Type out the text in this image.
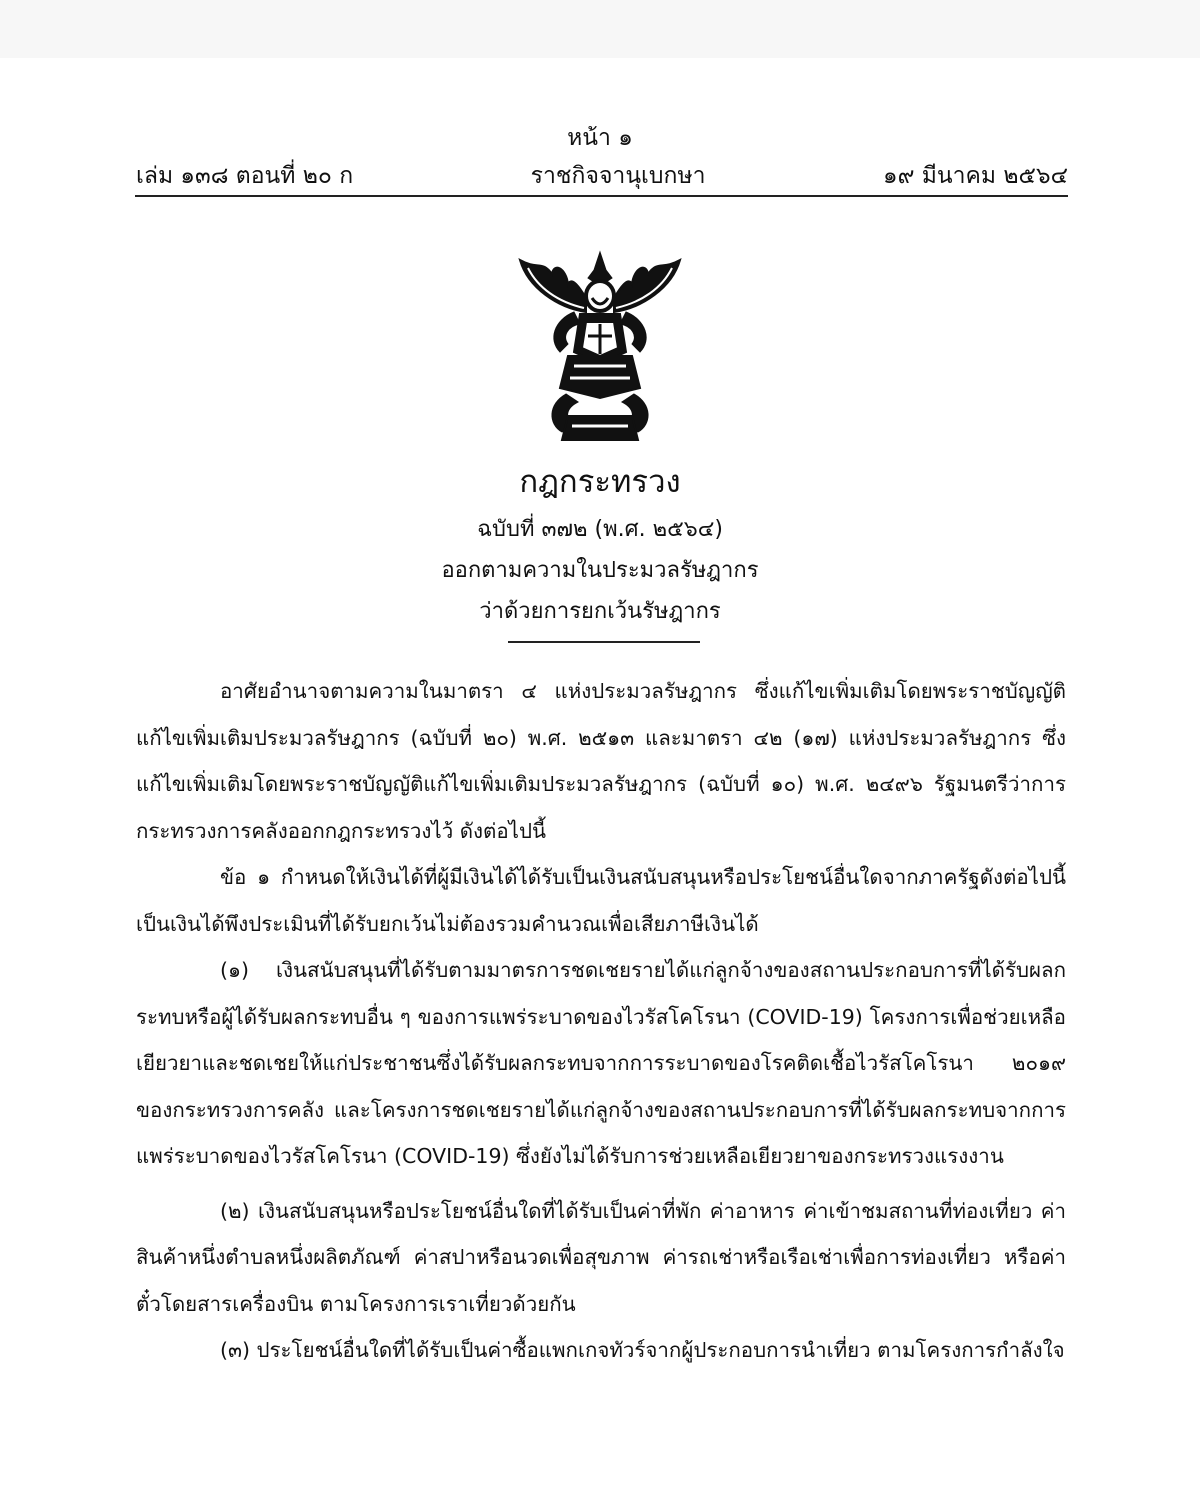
หน้า ๑
เล่ม ๑๓๘ ตอนที่ ๒๐ ก	ราชกิจจานุเบกษา	๑๙ มีนาคม ๒๕๖๔
กฎกระทรวง
ฉบับที่ ๓๗๒ (พ.ศ. ๒๕๖๔)
ออกตามความในประมวลรัษฎากร
ว่าด้วยการยกเว้นรัษฎากร

อาศัยอำนาจตามความในมาตรา ๔ แห่งประมวลรัษฎากร ซึ่งแก้ไขเพิ่มเติมโดยพระราชบัญญัติแก้ไขเพิ่มเติมประมวลรัษฎากร (ฉบับที่ ๒๐) พ.ศ. ๒๕๑๓ และมาตรา ๔๒ (๑๗) แห่งประมวลรัษฎากร ซึ่งแก้ไขเพิ่มเติมโดยพระราชบัญญัติแก้ไขเพิ่มเติมประมวลรัษฎากร (ฉบับที่ ๑๐) พ.ศ. ๒๔๙๖ รัฐมนตรีว่าการกระทรวงการคลังออกกฎกระทรวงไว้ ดังต่อไปนี้

ข้อ ๑ กำหนดให้เงินได้ที่ผู้มีเงินได้ได้รับเป็นเงินสนับสนุนหรือประโยชน์อื่นใดจากภาครัฐดังต่อไปนี้ เป็นเงินได้พึงประเมินที่ได้รับยกเว้นไม่ต้องรวมคำนวณเพื่อเสียภาษีเงินได้

(๑) เงินสนับสนุนที่ได้รับตามมาตรการชดเชยรายได้แก่ลูกจ้างของสถานประกอบการที่ได้รับผลกระทบหรือผู้ได้รับผลกระทบอื่น ๆ ของการแพร่ระบาดของไวรัสโคโรนา (COVID-19) โครงการเพื่อช่วยเหลือเยียวยาและชดเชยให้แก่ประชาชนซึ่งได้รับผลกระทบจากการระบาดของโรคติดเชื้อไวรัสโคโรนา ๒๐๑๙ ของกระทรวงการคลัง และโครงการชดเชยรายได้แก่ลูกจ้างของสถานประกอบการที่ได้รับผลกระทบจากการแพร่ระบาดของไวรัสโคโรนา (COVID-19) ซึ่งยังไม่ได้รับการช่วยเหลือเยียวยาของกระทรวงแรงงาน

(๒) เงินสนับสนุนหรือประโยชน์อื่นใดที่ได้รับเป็นค่าที่พัก ค่าอาหาร ค่าเข้าชมสถานที่ท่องเที่ยว ค่าสินค้าหนึ่งตำบลหนึ่งผลิตภัณฑ์ ค่าสปาหรือนวดเพื่อสุขภาพ ค่ารถเช่าหรือเรือเช่าเพื่อการท่องเที่ยว หรือค่าตั๋วโดยสารเครื่องบิน ตามโครงการเราเที่ยวด้วยกัน

(๓) ประโยชน์อื่นใดที่ได้รับเป็นค่าซื้อแพกเกจทัวร์จากผู้ประกอบการนำเที่ยว ตามโครงการกำลังใจ
